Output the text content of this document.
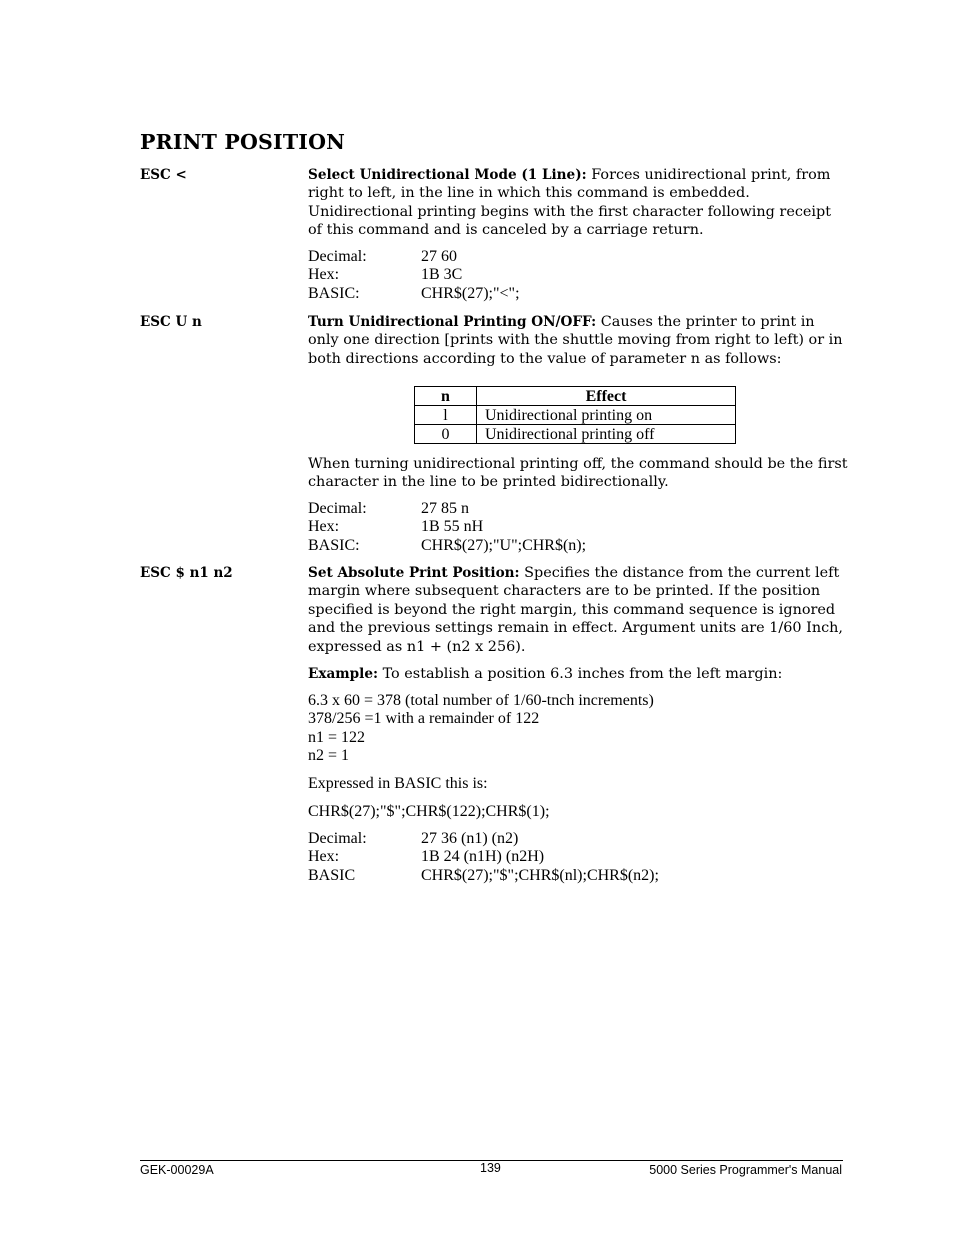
PRINT POSITION
ESC <	Select Unidirectional Mode (1 Line): Forces unidirectional print, from right to left, in the line in which this command is embedded. Unidirectional printing begins with the first character following receipt of this command and is canceled by a carriage return.

Decimal:	27 60
Hex:	1B 3C
BASIC:	CHR$(27);"<";
ESC U n	Turn Unidirectional Printing ON/OFF: Causes the printer to print in only one direction [prints with the shuttle moving from right to left) or in both directions according to the value of parameter n as follows:

n	Effect
l	Unidirectional printing on
0	Unidirectional printing off

When turning unidirectional printing off, the command should be the first character in the line to be printed bidirectionally.

Decimal:	27 85 n
Hex:	1B 55 nH
BASIC:	CHR$(27);"U";CHR$(n);
ESC $ n1 n2	Set Absolute Print Position: Specifies the distance from the current left margin where subsequent characters are to be printed. If the position specified is beyond the right margin, this command sequence is ignored and the previous settings remain in effect. Argument units are 1/60 Inch, expressed as n1 + (n2 x 256).

Example: To establish a position 6.3 inches from the left margin:

6.3 x 60 = 378 (total number of 1/60-tnch increments)
378/256 =1 with a remainder of 122
n1 = 122
n2 = 1
Expressed in BASIC this is:
CHR$(27);"$";CHR$(122);CHR$(1);
Decimal:	27 36 (n1) (n2)
Hex:	1B 24 (n1H) (n2H)
BASIC	CHR$(27);"$";CHR$(nl);CHR$(n2);
GEK-00029A	139	5000 Series Programmer's Manual
